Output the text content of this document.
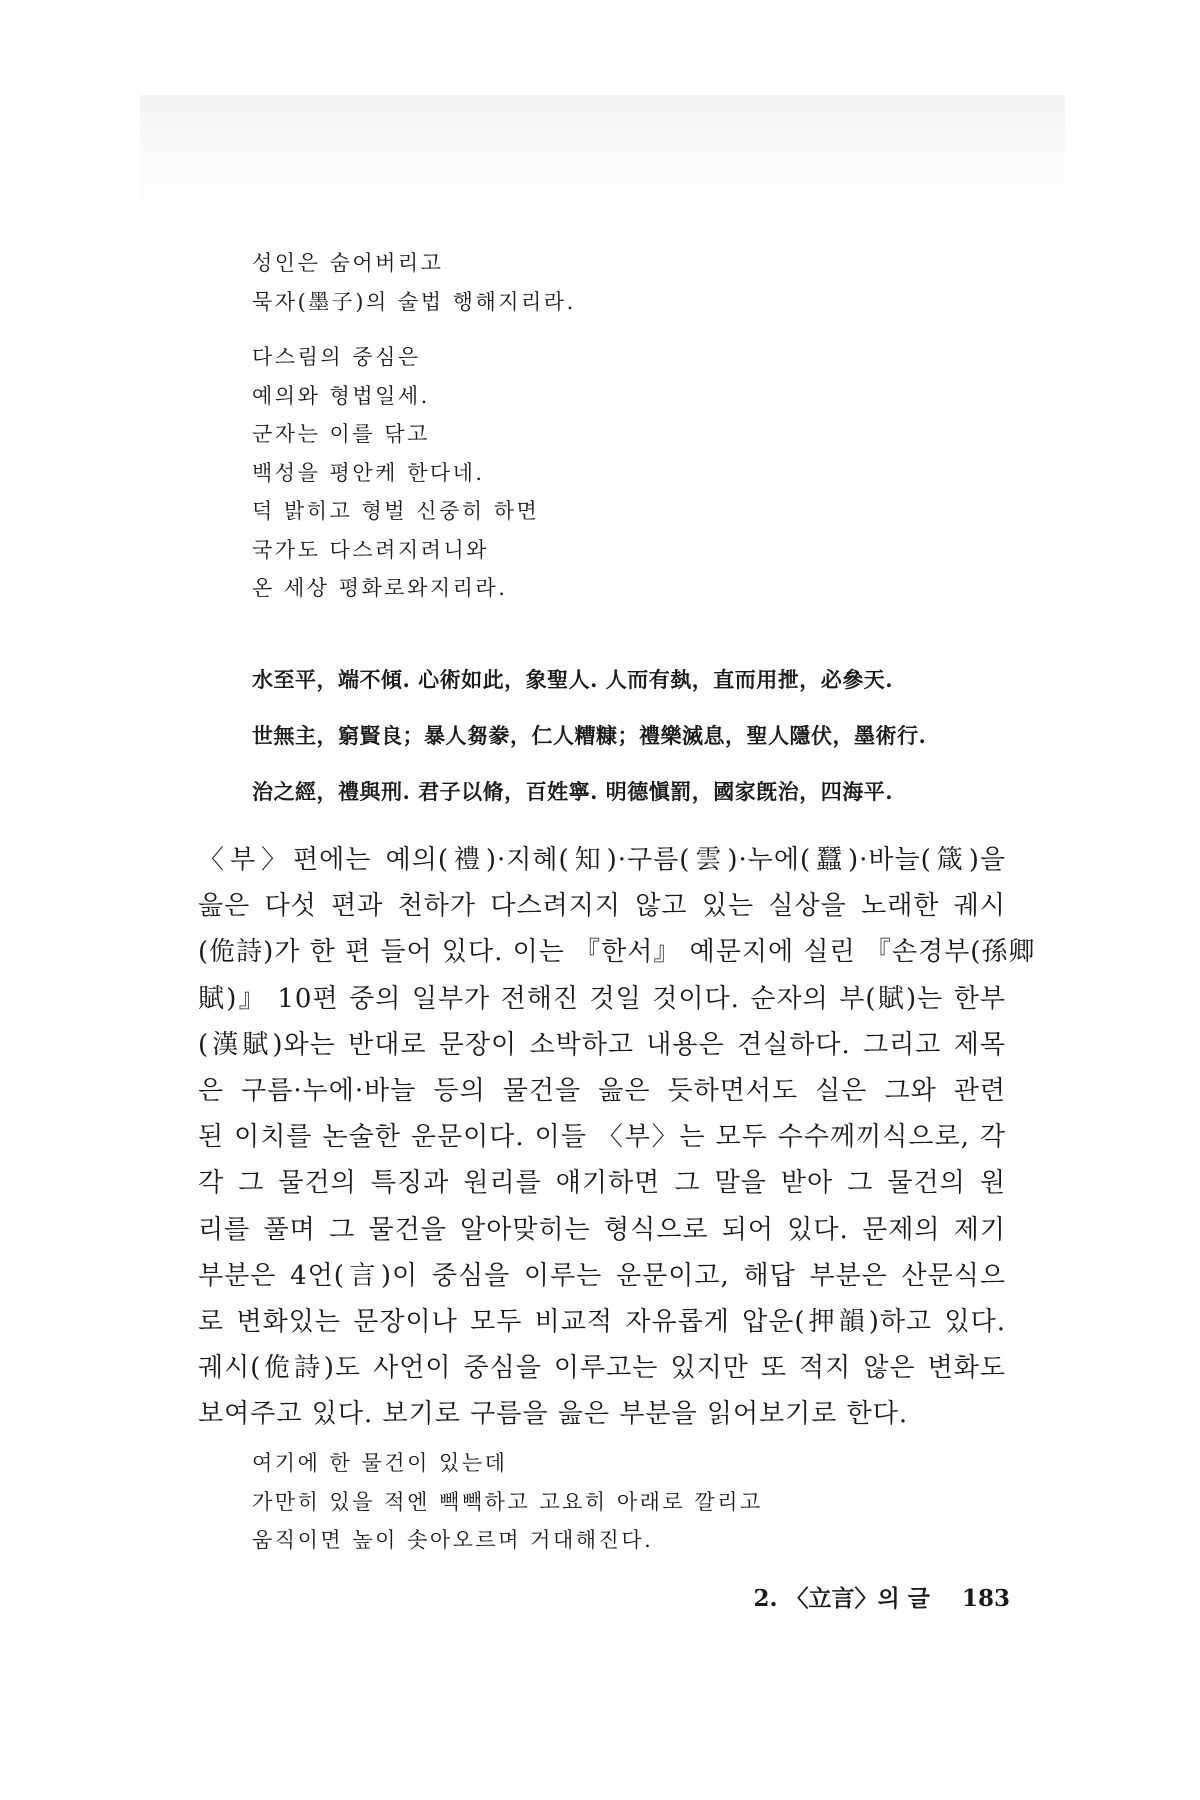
성인은 숨어버리고
묵자(墨子)의 술법 행해지리라.
다스림의 중심은
예의와 형법일세.
군자는 이를 닦고
백성을 평안케 한다네.
덕 밝히고 형벌 신중히 하면
국가도 다스려지려니와
온 세상 평화로와지리라.
水至平，端不傾. 心術如此，象聖人. 人而有埶，直而用抴，必參天.
世無主，窮賢良；暴人芻豢，仁人糟糠；禮樂滅息，聖人隱伏，墨術行.
治之經，禮與刑. 君子以脩，百姓寧. 明德愼罰，國家旣治，四海平.
〈부〉편에는 예의(禮)·지혜(知)·구름(雲)·누에(蠶)·바늘(箴)을
읊은 다섯 편과 천하가 다스려지지 않고 있는 실상을 노래한 궤시
(佹詩)가 한 편 들어 있다. 이는 『한서』 예문지에 실린 『손경부(孫卿
賦)』 10편 중의 일부가 전해진 것일 것이다. 순자의 부(賦)는 한부
(漢賦)와는 반대로 문장이 소박하고 내용은 견실하다. 그리고 제목
은 구름·누에·바늘 등의 물건을 읊은 듯하면서도 실은 그와 관련
된 이치를 논술한 운문이다. 이들 〈부〉는 모두 수수께끼식으로, 각
각 그 물건의 특징과 원리를 얘기하면 그 말을 받아 그 물건의 원
리를 풀며 그 물건을 알아맞히는 형식으로 되어 있다. 문제의 제기
부분은 4언(言)이 중심을 이루는 운문이고, 해답 부분은 산문식으
로 변화있는 문장이나 모두 비교적 자유롭게 압운(押韻)하고 있다.
궤시(佹詩)도 사언이 중심을 이루고는 있지만 또 적지 않은 변화도
보여주고 있다. 보기로 구름을 읊은 부분을 읽어보기로 한다.
여기에 한 물건이 있는데
가만히 있을 적엔 빽빽하고 고요히 아래로 깔리고
움직이면 높이 솟아오르며 거대해진다.
2. 〈立言〉의 글 183
